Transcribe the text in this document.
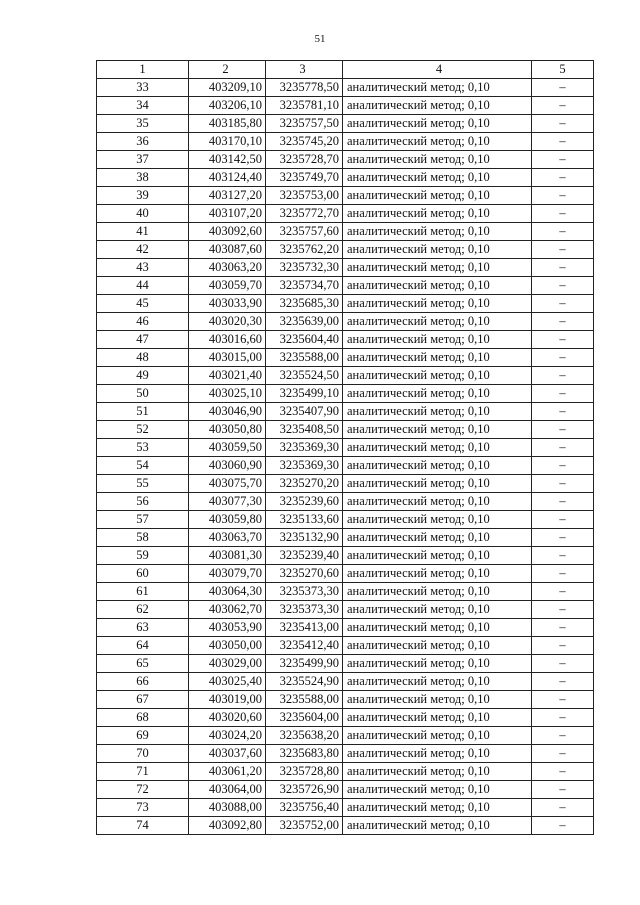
51
1	2	3	4	5
33	403209,10	3235778,50	аналитический метод; 0,10	–
34	403206,10	3235781,10	аналитический метод; 0,10	–
35	403185,80	3235757,50	аналитический метод; 0,10	–
36	403170,10	3235745,20	аналитический метод; 0,10	–
37	403142,50	3235728,70	аналитический метод; 0,10	–
38	403124,40	3235749,70	аналитический метод; 0,10	–
39	403127,20	3235753,00	аналитический метод; 0,10	–
40	403107,20	3235772,70	аналитический метод; 0,10	–
41	403092,60	3235757,60	аналитический метод; 0,10	–
42	403087,60	3235762,20	аналитический метод; 0,10	–
43	403063,20	3235732,30	аналитический метод; 0,10	–
44	403059,70	3235734,70	аналитический метод; 0,10	–
45	403033,90	3235685,30	аналитический метод; 0,10	–
46	403020,30	3235639,00	аналитический метод; 0,10	–
47	403016,60	3235604,40	аналитический метод; 0,10	–
48	403015,00	3235588,00	аналитический метод; 0,10	–
49	403021,40	3235524,50	аналитический метод; 0,10	–
50	403025,10	3235499,10	аналитический метод; 0,10	–
51	403046,90	3235407,90	аналитический метод; 0,10	–
52	403050,80	3235408,50	аналитический метод; 0,10	–
53	403059,50	3235369,30	аналитический метод; 0,10	–
54	403060,90	3235369,30	аналитический метод; 0,10	–
55	403075,70	3235270,20	аналитический метод; 0,10	–
56	403077,30	3235239,60	аналитический метод; 0,10	–
57	403059,80	3235133,60	аналитический метод; 0,10	–
58	403063,70	3235132,90	аналитический метод; 0,10	–
59	403081,30	3235239,40	аналитический метод; 0,10	–
60	403079,70	3235270,60	аналитический метод; 0,10	–
61	403064,30	3235373,30	аналитический метод; 0,10	–
62	403062,70	3235373,30	аналитический метод; 0,10	–
63	403053,90	3235413,00	аналитический метод; 0,10	–
64	403050,00	3235412,40	аналитический метод; 0,10	–
65	403029,00	3235499,90	аналитический метод; 0,10	–
66	403025,40	3235524,90	аналитический метод; 0,10	–
67	403019,00	3235588,00	аналитический метод; 0,10	–
68	403020,60	3235604,00	аналитический метод; 0,10	–
69	403024,20	3235638,20	аналитический метод; 0,10	–
70	403037,60	3235683,80	аналитический метод; 0,10	–
71	403061,20	3235728,80	аналитический метод; 0,10	–
72	403064,00	3235726,90	аналитический метод; 0,10	–
73	403088,00	3235756,40	аналитический метод; 0,10	–
74	403092,80	3235752,00	аналитический метод; 0,10	–
